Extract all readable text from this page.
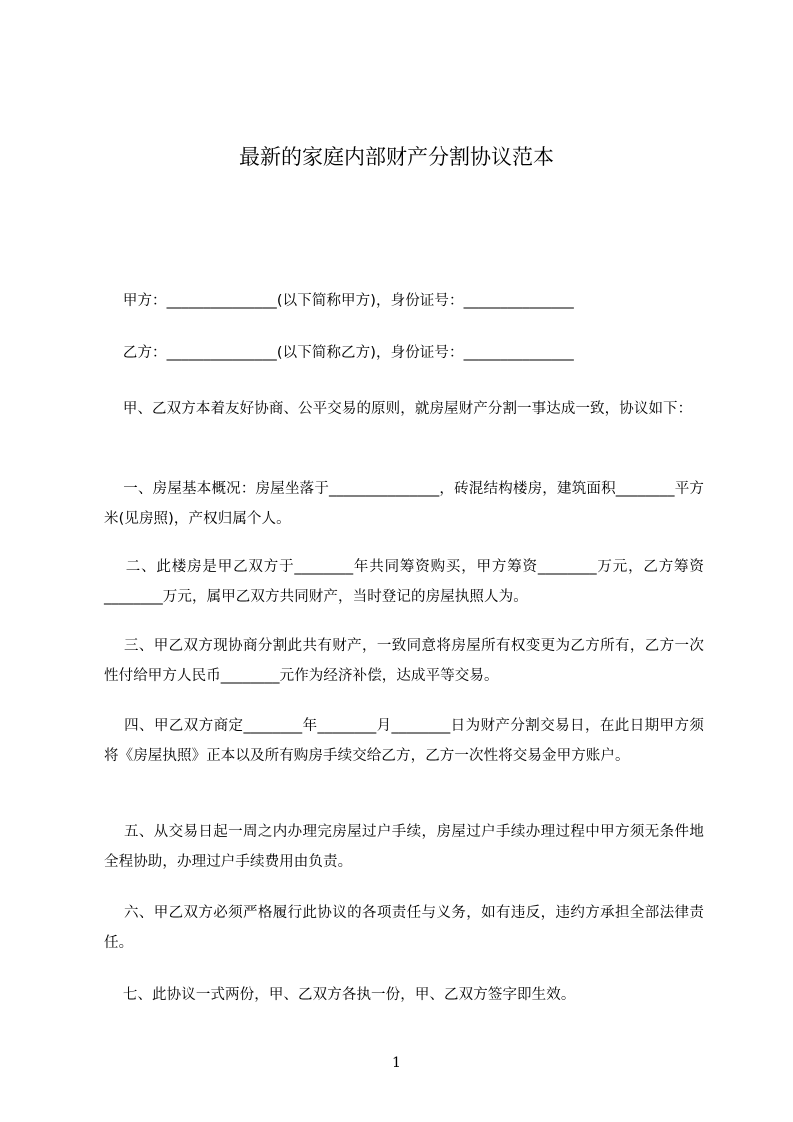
最新的家庭内部财产分割协议范本
甲方：_______________(以下简称甲方)，身份证号：_______________
乙方：_______________(以下简称乙方)，身份证号：_______________
甲、乙双方本着友好协商、公平交易的原则，就房屋财产分割一事达成一致，协议如下：
一、房屋基本概况：房屋坐落于_______________，砖混结构楼房，建筑面积________平方米(见房照)，产权归属个人。
二、此楼房是甲乙双方于________年共同筹资购买，甲方筹资________万元，乙方筹资________万元，属甲乙双方共同财产，当时登记的房屋执照人为。
三、甲乙双方现协商分割此共有财产，一致同意将房屋所有权变更为乙方所有，乙方一次性付给甲方人民币________元作为经济补偿，达成平等交易。
四、甲乙双方商定________年________月________日为财产分割交易日，在此日期甲方须将《房屋执照》正本以及所有购房手续交给乙方，乙方一次性将交易金甲方账户。
五、从交易日起一周之内办理完房屋过户手续，房屋过户手续办理过程中甲方须无条件地全程协助，办理过户手续费用由负责。
六、甲乙双方必须严格履行此协议的各项责任与义务，如有违反，违约方承担全部法律责任。
七、此协议一式两份，甲、乙双方各执一份，甲、乙双方签字即生效。
1
